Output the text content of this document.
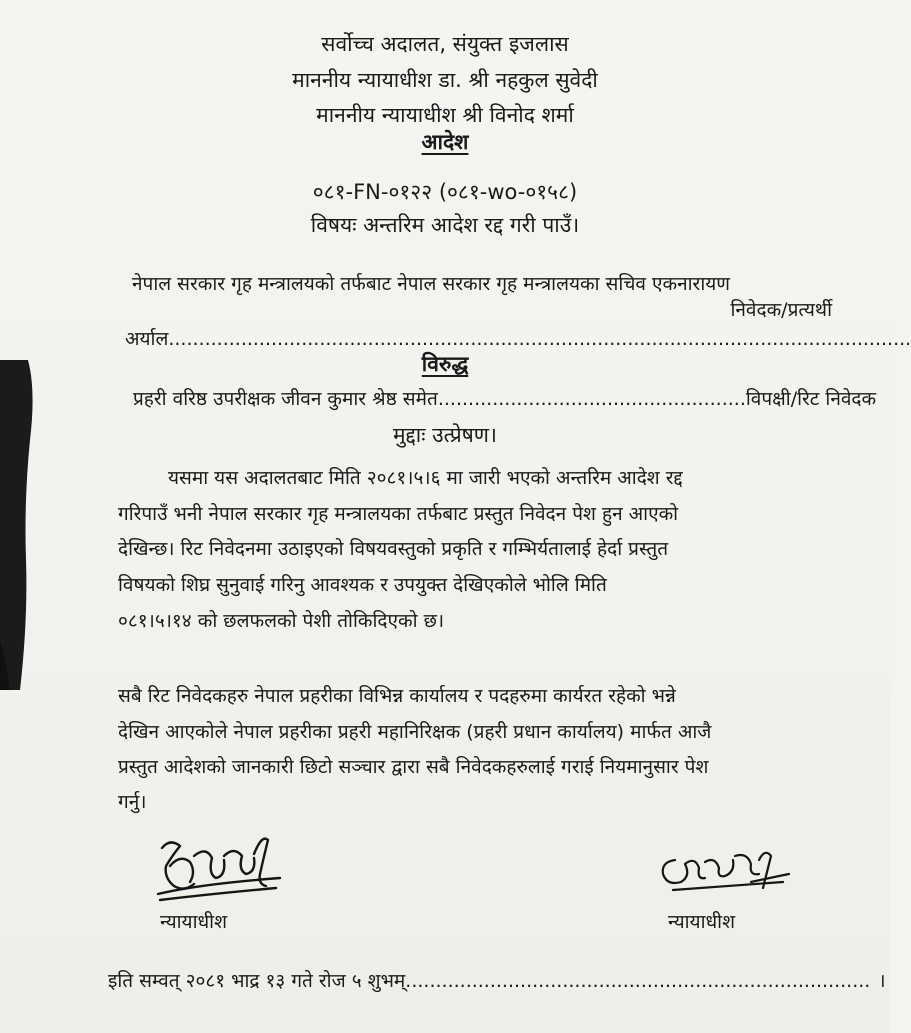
सर्वोच्च अदालत, संयुक्त इजलास
माननीय न्यायाधीश डा. श्री नहकुल सुवेदी
माननीय न्यायाधीश श्री विनोद शर्मा
आदेश
०८१-FN-०१२२ (०८१-wo-०१५८)
विषयः अन्तरिम आदेश रद्द गरी पाउँ।
नेपाल सरकार गृह मन्त्रालयको तर्फबाट नेपाल सरकार गृह मन्त्रालयका सचिव एकनारायण
निवेदक/प्रत्यर्थी
अर्याल...........................................................................................................................
विरुद्ध
प्रहरी वरिष्ठ उपरीक्षक जीवन कुमार श्रेष्ठ समेत...................................................विपक्षी/रिट निवेदक
मुद्दाः उत्प्रेषण।
यसमा यस अदालतबाट मिति २०८१।५।६ मा जारी भएको अन्तरिम आदेश रद्द
गरिपाउँ भनी नेपाल सरकार गृह मन्त्रालयका तर्फबाट प्रस्तुत निवेदन पेश हुन आएको
देखिन्छ। रिट निवेदनमा उठाइएको विषयवस्तुको प्रकृति र गम्भिर्यतालाई हेर्दा प्रस्तुत
विषयको शिघ्र सुनुवाई गरिनु आवश्यक र उपयुक्त देखिएकोले भोलि मिति
०८१।५।१४ को छलफलको पेशी तोकिदिएको छ।
सबै रिट निवेदकहरु नेपाल प्रहरीका विभिन्न कार्यालय र पदहरुमा कार्यरत रहेको भन्ने
देखिन आएकोले नेपाल प्रहरीका प्रहरी महानिरिक्षक (प्रहरी प्रधान कार्यालय) मार्फत आजै
प्रस्तुत आदेशको जानकारी छिटो सञ्चार द्वारा सबै निवेदकहरुलाई गराई नियमानुसार पेश
गर्नु।
न्यायाधीश	न्यायाधीश
इति सम्वत् २०८१ भाद्र १३ गते रोज ५ शुभम्............................................................................. ।
